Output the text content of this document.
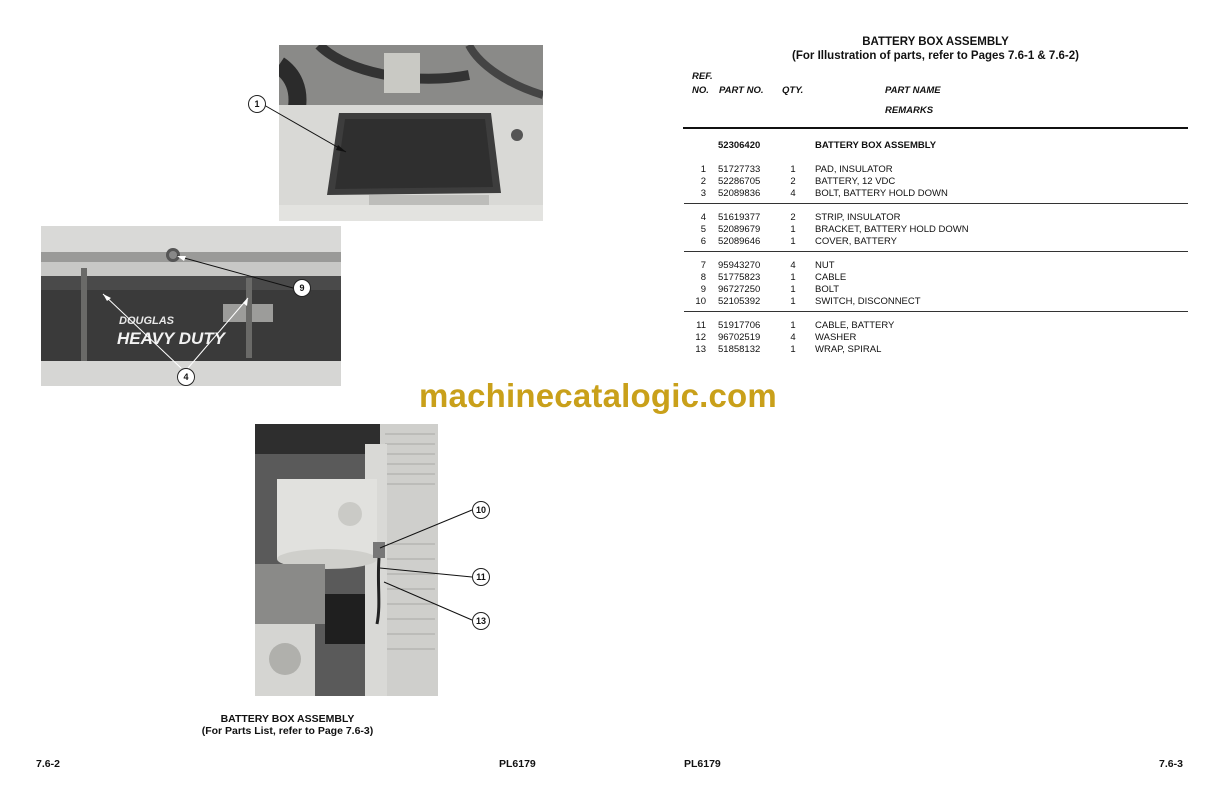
1
DOUGLAS
HEAVY DUTY
9
4
10
11
13
BATTERY BOX ASSEMBLY
(For Parts List, refer to Page 7.6-3)
7.6-2	PL6179
BATTERY BOX ASSEMBLY
(For Illustration of parts, refer to Pages 7.6-1 & 7.6-2)
REF.
NO. PART NO. QTY.	PART NAME
REMARKS
52306420	BATTERY BOX ASSEMBLY
1 51727733	1 PAD, INSULATOR
2 52286705	2 BATTERY, 12 VDC
3 52089836	4 BOLT, BATTERY HOLD DOWN
4 51619377	2 STRIP, INSULATOR
5 52089679	1 BRACKET, BATTERY HOLD DOWN
6 52089646	1 COVER, BATTERY
7 95943270	4 NUT
8 51775823	1 CABLE
9 96727250	1 BOLT
10 52105392	1 SWITCH, DISCONNECT
11 51917706	1 CABLE, BATTERY
12 96702519	4 WASHER
13 51858132	1 WRAP, SPIRAL
machinecatalogic.com
PL6179	7.6-3
